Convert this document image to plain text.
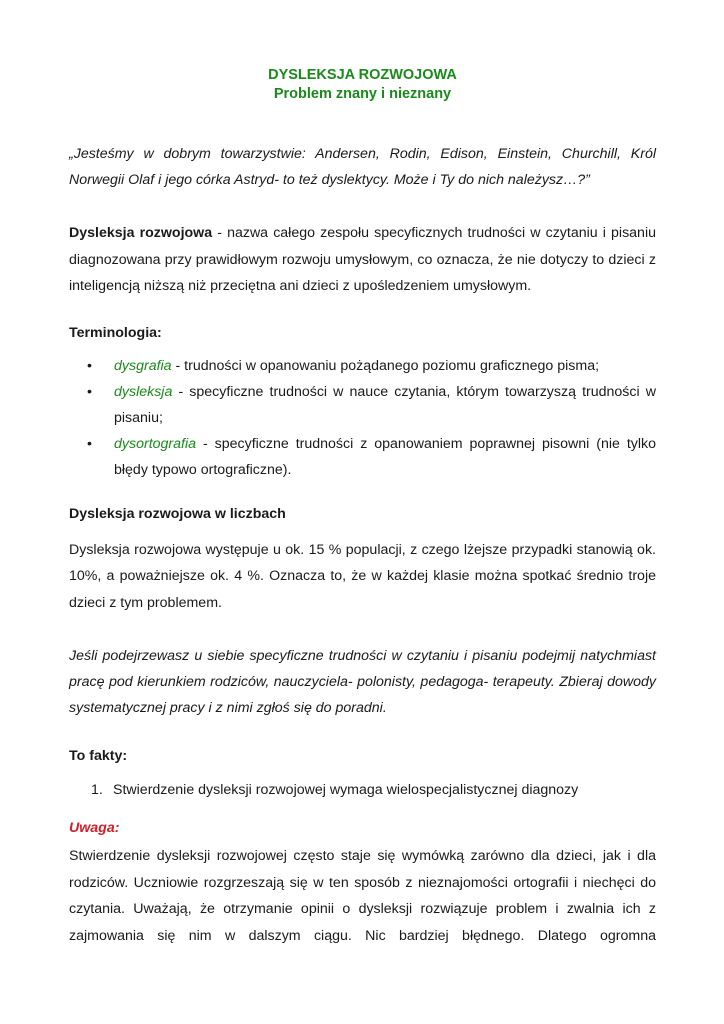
DYSLEKSJA ROZWOJOWA
Problem znany i nieznany
„Jesteśmy w dobrym towarzystwie: Andersen, Rodin, Edison, Einstein, Churchill, Król Norwegii Olaf i jego córka Astryd- to też dyslektycy. Może i Ty do nich należysz…?”
Dysleksja rozwojowa - nazwa całego zespołu specyficznych trudności w czytaniu i pisaniu diagnozowana przy prawidłowym rozwoju umysłowym, co oznacza, że nie dotyczy to dzieci z inteligencją niższą niż przeciętna ani dzieci z upośledzeniem umysłowym.
Terminologia:
• dysgrafia - trudności w opanowaniu pożądanego poziomu graficznego pisma;
• dysleksja - specyficzne trudności w nauce czytania, którym towarzyszą trudności w pisaniu;
• dysortografia - specyficzne trudności z opanowaniem poprawnej pisowni (nie tylko błędy typowo ortograficzne).
Dysleksja rozwojowa w liczbach
Dysleksja rozwojowa występuje u ok. 15 % populacji, z czego lżejsze przypadki stanowią ok. 10%, a poważniejsze ok. 4 %. Oznacza to, że w każdej klasie można spotkać średnio troje dzieci z tym problemem.
Jeśli podejrzewasz u siebie specyficzne trudności w czytaniu i pisaniu podejmij natychmiast pracę pod kierunkiem rodziców, nauczyciela- polonisty, pedagoga- terapeuty. Zbieraj dowody systematycznej pracy i z nimi zgłoś się do poradni.
To fakty:
1. Stwierdzenie dysleksji rozwojowej wymaga wielospecjalistycznej diagnozy
Uwaga:
Stwierdzenie dysleksji rozwojowej często staje się wymówką zarówno dla dzieci, jak i dla rodziców. Uczniowie rozgrzeszają się w ten sposób z nieznajomości ortografii i niechęci do czytania. Uważają, że otrzymanie opinii o dysleksji rozwiązuje problem i zwalnia ich z zajmowania się nim w dalszym ciągu. Nic bardziej błędnego. Dlatego ogromna
